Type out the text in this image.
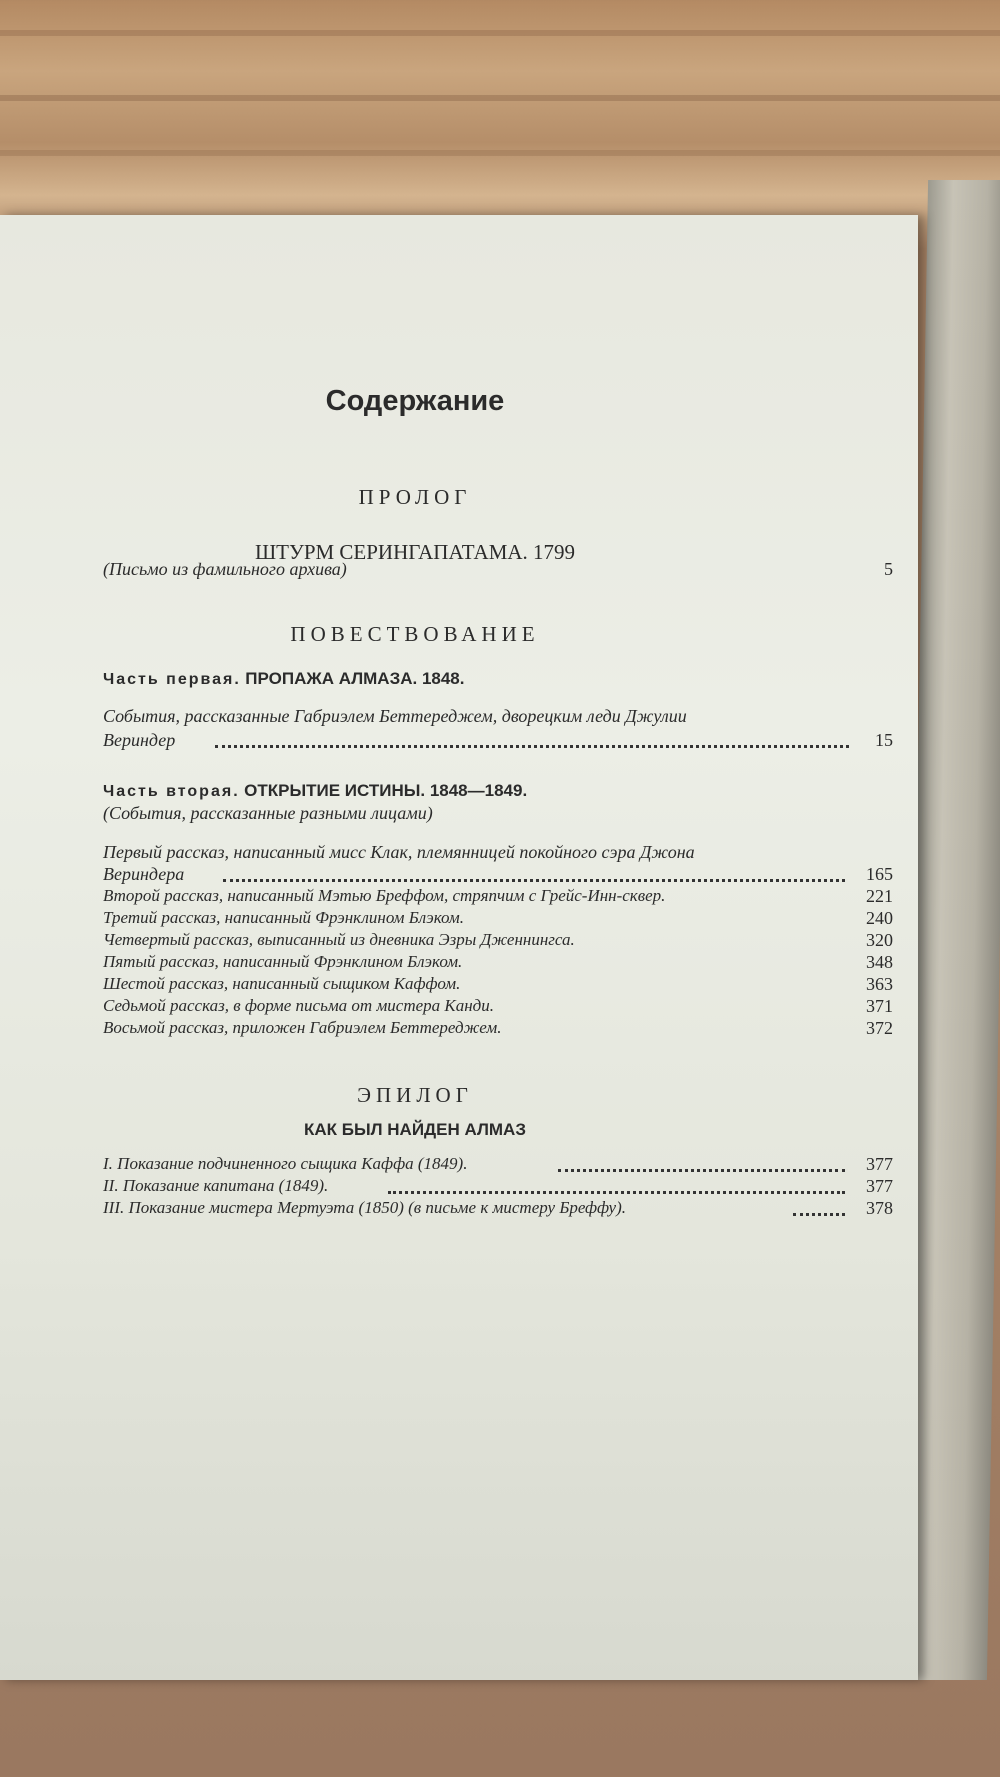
Содержание
ПРОЛОГ
ШТУРМ СЕРИНГАПАТАМА. 1799
(Письмо из фамильного архива)	5
ПОВЕСТВОВАНИЕ
Часть первая. ПРОПАЖА АЛМАЗА. 1848.
События, рассказанные Габриэлем Беттереджем, дворецким леди Джулии
Вериндер	15
Часть вторая. ОТКРЫТИЕ ИСТИНЫ. 1848—1849.
(События, рассказанные разными лицами)
Первый рассказ, написанный мисс Клак, племянницей покойного сэра Джона
Вериндера	165
Второй рассказ, написанный Мэтью Бреффом, стряпчим с Грейс-Инн-сквер.	221
Третий рассказ, написанный Фрэнклином Блэком.	240
Четвертый рассказ, выписанный из дневника Эзры Дженнингса.	320
Пятый рассказ, написанный Фрэнклином Блэком.	348
Шестой рассказ, написанный сыщиком Каффом.	363
Седьмой рассказ, в форме письма от мистера Канди.	371
Восьмой рассказ, приложен Габриэлем Беттереджем.	372
ЭПИЛОГ
КАК БЫЛ НАЙДЕН АЛМАЗ
I. Показание подчиненного сыщика Каффа (1849).	377
II. Показание капитана (1849).	377
III. Показание мистера Мертуэта (1850) (в письме к мистеру Бреффу).	378
